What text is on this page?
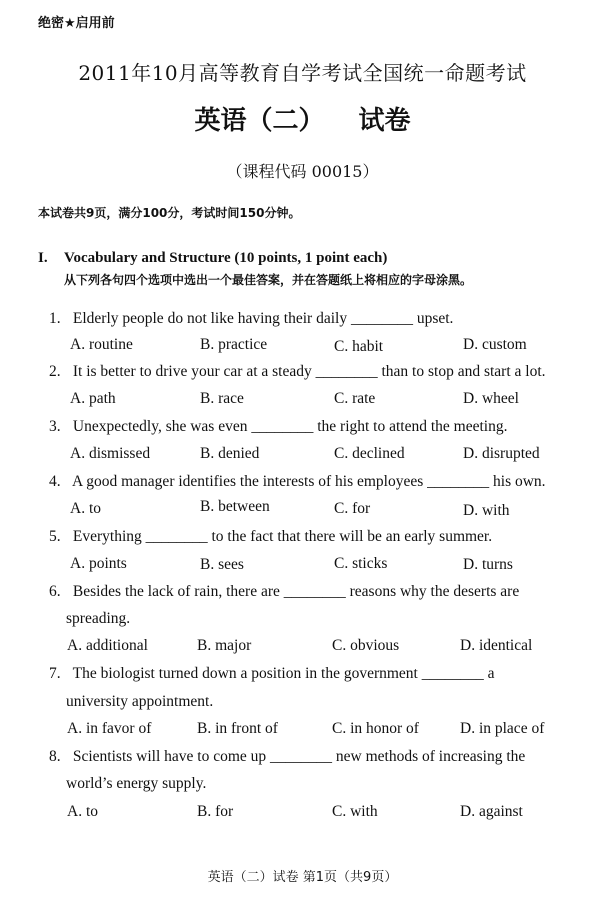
绝密★启用前
2011年10月高等教育自学考试全国统一命题考试
英语（二） 试卷
（课程代码 00015）
本试卷共9页，满分100分，考试时间150分钟。
I. Vocabulary and Structure (10 points, 1 point each)
从下列各句四个选项中选出一个最佳答案，并在答题纸上将相应的字母涂黑。
1. Elderly people do not like having their daily ________ upset.
A. routine	B. practice	C. habit	D. custom
2. It is better to drive your car at a steady ________ than to stop and start a lot.
A. path	B. race	C. rate	D. wheel
3. Unexpectedly, she was even ________ the right to attend the meeting.
A. dismissed	B. denied	C. declined	D. disrupted
4. A good manager identifies the interests of his employees ________ his own.
A. to	B. between	C. for	D. with
5. Everything ________ to the fact that there will be an early summer.
A. points	B. sees	C. sticks	D. turns
6. Besides the lack of rain, there are ________ reasons why the deserts are
spreading.
A. additional	B. major	C. obvious	D. identical
7. The biologist turned down a position in the government ________ a
university appointment.
A. in favor of	B. in front of	C. in honor of	D. in place of
8. Scientists will have to come up ________ new methods of increasing the
world’s energy supply.
A. to	B. for	C. with	D. against
英语（二）试卷 第1页（共9页）
